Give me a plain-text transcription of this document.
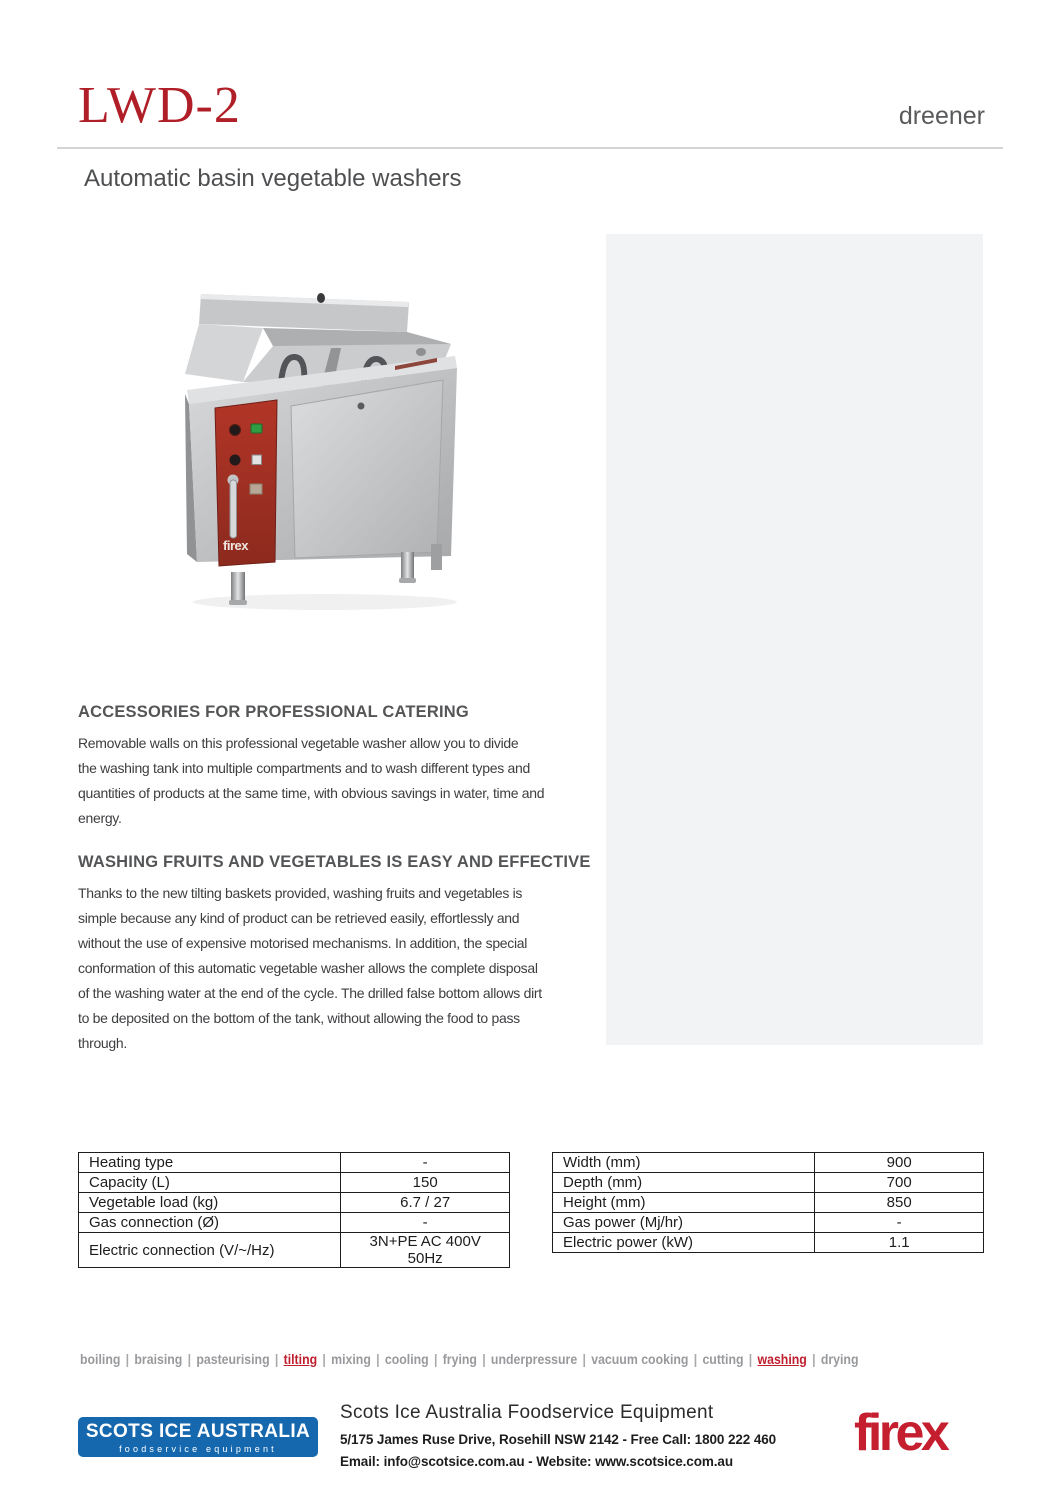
LWD-2	dreener
Automatic basin vegetable washers
firex
ACCESSORIES FOR PROFESSIONAL CATERING
Removable walls on this professional vegetable washer allow you to divide
the washing tank into multiple compartments and to wash different types and
quantities of products at the same time, with obvious savings in water, time and
energy.
WASHING FRUITS AND VEGETABLES IS EASY AND EFFECTIVE
Thanks to the new tilting baskets provided, washing fruits and vegetables is
simple because any kind of product can be retrieved easily, effortlessly and
without the use of expensive motorised mechanisms. In addition, the special
conformation of this automatic vegetable washer allows the complete disposal
of the washing water at the end of the cycle. The drilled false bottom allows dirt
to be deposited on the bottom of the tank, without allowing the food to pass
through.
Heating type	-
Capacity (L)	150
Vegetable load (kg)	6.7 / 27
Gas connection (Ø)	-
Electric connection (V/~/Hz)	3N+PE AC 400V 50Hz
Width (mm)	900
Depth (mm)	700
Height (mm)	850
Gas power (Mj/hr)	-
Electric power (kW)	1.1
boiling | braising | pasteurising | tilting | mixing | cooling | frying | underpressure | vacuum cooking | cutting | washing | drying
SCOTS ICE AUSTRALIA
foodservice equipment
Scots Ice Australia Foodservice Equipment
5/175 James Ruse Drive, Rosehill NSW 2142 - Free Call: 1800 222 460
Email: info@scotsice.com.au - Website: www.scotsice.com.au	firex
